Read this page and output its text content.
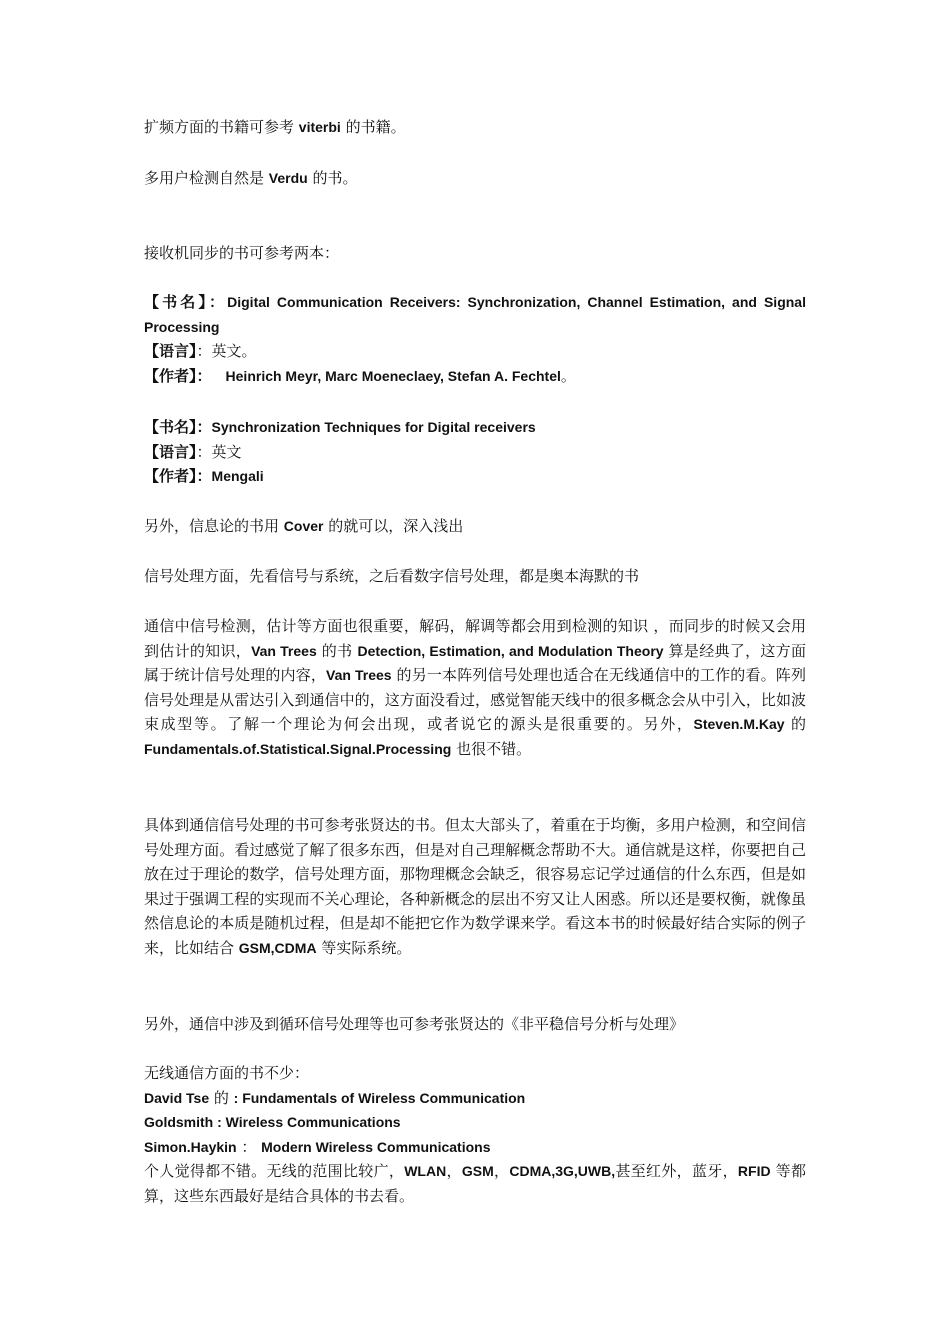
扩频方面的书籍可参考 viterbi 的书籍。

多用户检测自然是 Verdu 的书。

接收机同步的书可参考两本：

【书名】：Digital Communication Receivers: Synchronization, Channel Estimation, and Signal Processing
【语言】：英文。
【作者】： Heinrich Meyr, Marc Moeneclaey, Stefan A. Fechtel。
【书名】：Synchronization Techniques for Digital receivers
【语言】：英文
【作者】：Mengali

另外，信息论的书用 Cover 的就可以，深入浅出

信号处理方面，先看信号与系统，之后看数字信号处理，都是奥本海默的书

通信中信号检测，估计等方面也很重要，解码，解调等都会用到检测的知识 ，而同步的时候又会用到估计的知识，Van Trees 的书 Detection, Estimation, and Modulation Theory 算是经典了，这方面属于统计信号处理的内容，Van Trees 的另一本阵列信号处理也适合在无线通信中的工作的看。阵列信号处理是从雷达引入到通信中的，这方面没看过，感觉智能天线中的很多概念会从中引入，比如波束成型等。了解一个理论为何会出现，或者说它的源头是很重要的。另外，Steven.M.Kay 的 Fundamentals.of.Statistical.Signal.Processing 也很不错。

具体到通信信号处理的书可参考张贤达的书。但太大部头了，着重在于均衡，多用户检测，和空间信号处理方面。看过感觉了解了很多东西，但是对自己理解概念帮助不大。通信就是这样，你要把自己放在过于理论的数学，信号处理方面，那物理概念会缺乏，很容易忘记学过通信的什么东西，但是如果过于强调工程的实现而不关心理论，各种新概念的层出不穷又让人困惑。所以还是要权衡，就像虽然信息论的本质是随机过程，但是却不能把它作为数学课来学。看这本书的时候最好结合实际的例子来，比如结合 GSM,CDMA 等实际系统。

另外，通信中涉及到循环信号处理等也可参考张贤达的《非平稳信号分析与处理》

无线通信方面的书不少：
David Tse 的 : Fundamentals of Wireless Communication
Goldsmith : Wireless Communications
Simon.Haykin ： Modern Wireless Communications
个人觉得都不错。无线的范围比较广，WLAN，GSM，CDMA,3G,UWB,甚至红外，蓝牙，RFID 等都算，这些东西最好是结合具体的书去看。
